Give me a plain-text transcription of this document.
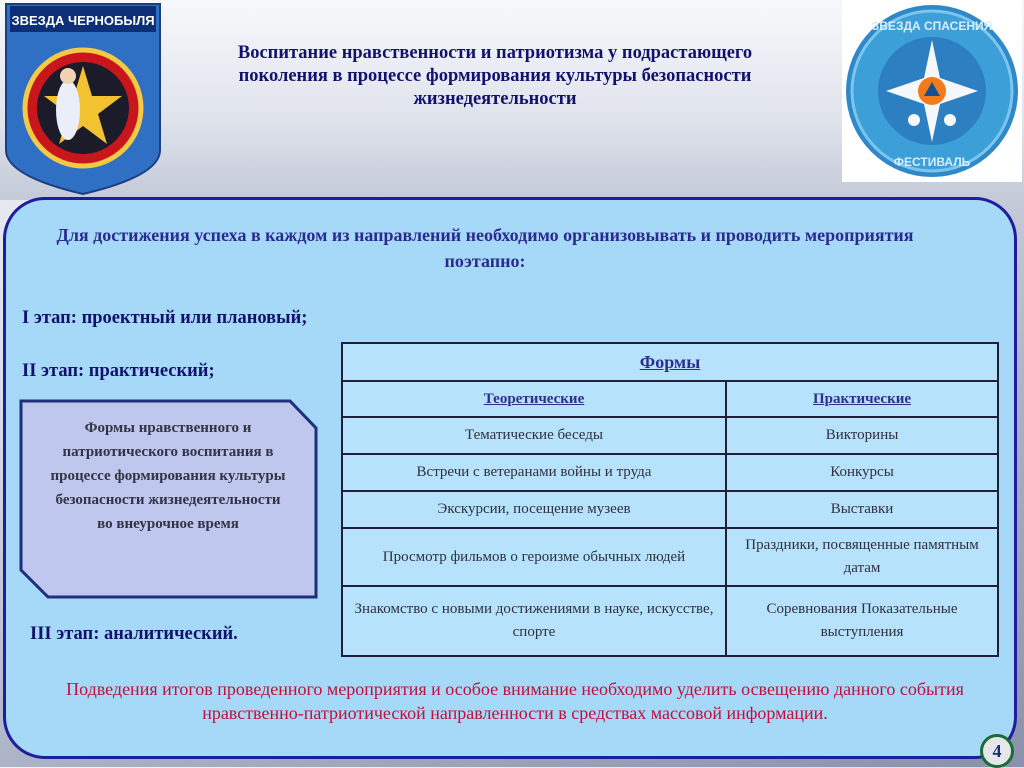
ЗВЕЗДА ЧЕРНОБЫЛЯ
Воспитание нравственности и патриотизма у подрастающего поколения в процессе формирования культуры безопасности жизнедеятельности
ЗВЕЗДА СПАСЕНИЯ
ФЕСТИВАЛЬ

Для достижения успеха в каждом из направлений необходимо организовывать и проводить мероприятия поэтапно:

I этап: проектный или плановый;
II этап: практический;
Формы нравственного и патриотического воспитания в процессе формирования культуры безопасности жизнедеятельности во внеурочное время
Формы	
Теоретические	Практические
Тематические беседы	Викторины
Встречи с ветеранами войны и труда	Конкурсы
Экскурсии, посещение музеев	Выставки
Просмотр фильмов о героизме обычных людей	Праздники, посвященные памятным датам
Знакомство с новыми достижениями в науке, искусстве, спорте	Соревнования Показательные выступления
III этап: аналитический.

Подведения итогов проведенного мероприятия и особое внимание необходимо уделить освещению данного события нравственно-патриотической направленности в средствах массовой информации.

4
